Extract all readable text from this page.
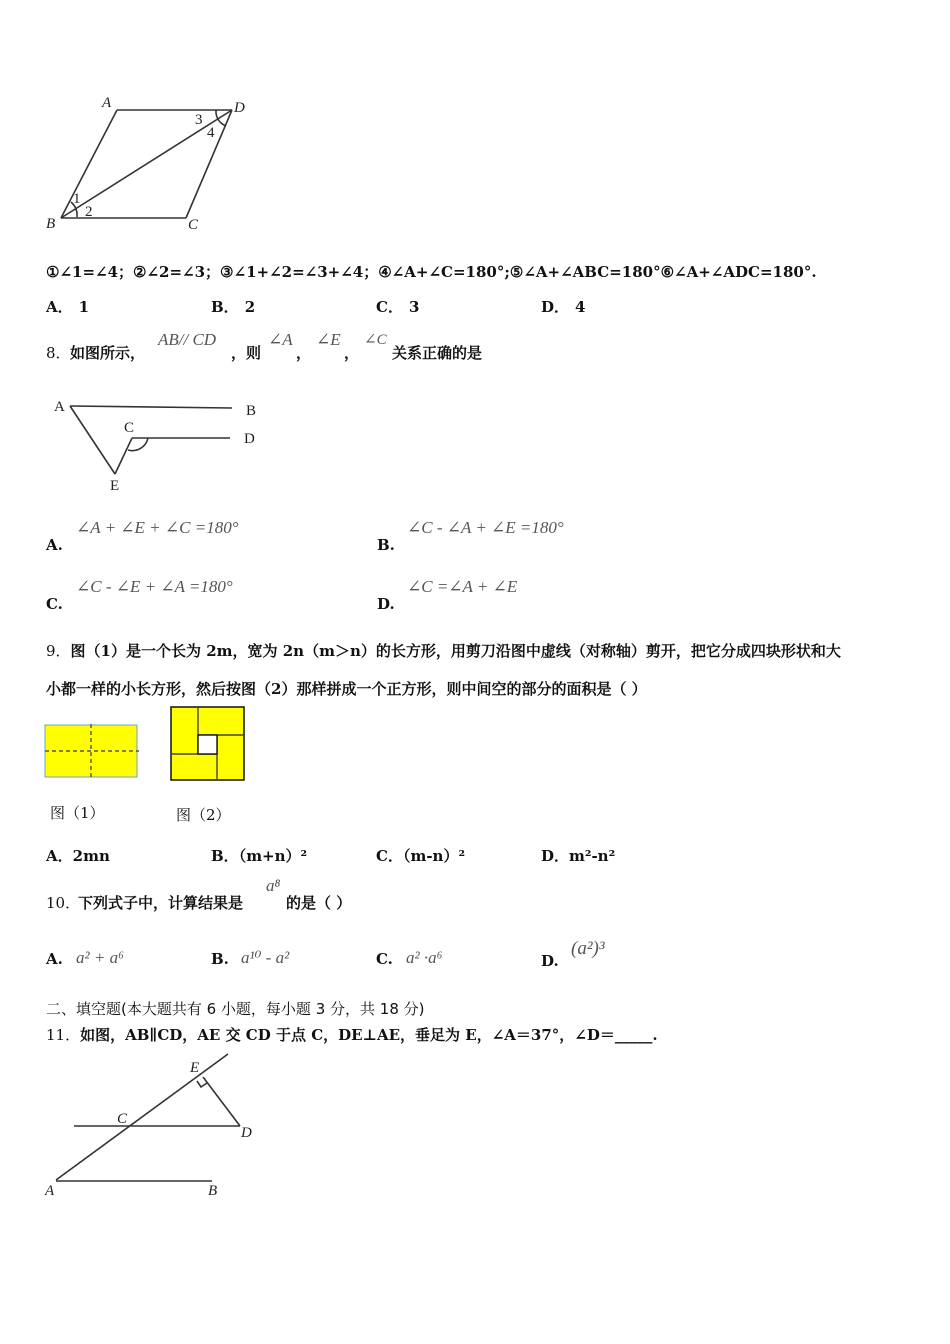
A	D
B	C
1
2
3
4
①∠1=∠4；②∠2=∠3；③∠1+∠2=∠3+∠4；④∠A+∠C=180°;⑤∠A+∠ABC=180°⑥∠A+∠ADC=180°.
A． 1	B． 2	C． 3	D． 4
8． 如图所示，
AB// CD
，则
∠A
，
∠E
，
∠C
关系正确的是
A	B
C
D
E
A.
∠A + ∠E + ∠C =180°
B.
∠C - ∠A + ∠E =180°
C.
∠C - ∠E + ∠A =180°
D.
∠C =∠A + ∠E
9．图（1）是一个长为 2m，宽为 2n（m＞n）的长方形，用剪刀沿图中虚线（对称轴）剪开，把它分成四块形状和大
小都一样的小长方形，然后按图（2）那样拼成一个正方形，则中间空的部分的面积是（ ）
图（1）	图（2）
A．2mn	B．（m+n）²	C．（m-n）²	D．m²-n²
10．
下列式子中，计算结果是
a⁸
的是（ ）
A. a² + a⁶	B. a¹⁰ - a²	C. a² ·a⁶	D.
(a²)³
二、填空题(本大题共有 6 小题，每小题 3 分，共 18 分)
11．如图，AB∥CD，AE 交 CD 于点 C，DE⊥AE，垂足为 E，∠A＝37°，∠D＝_____.
E
C
D
A	B
